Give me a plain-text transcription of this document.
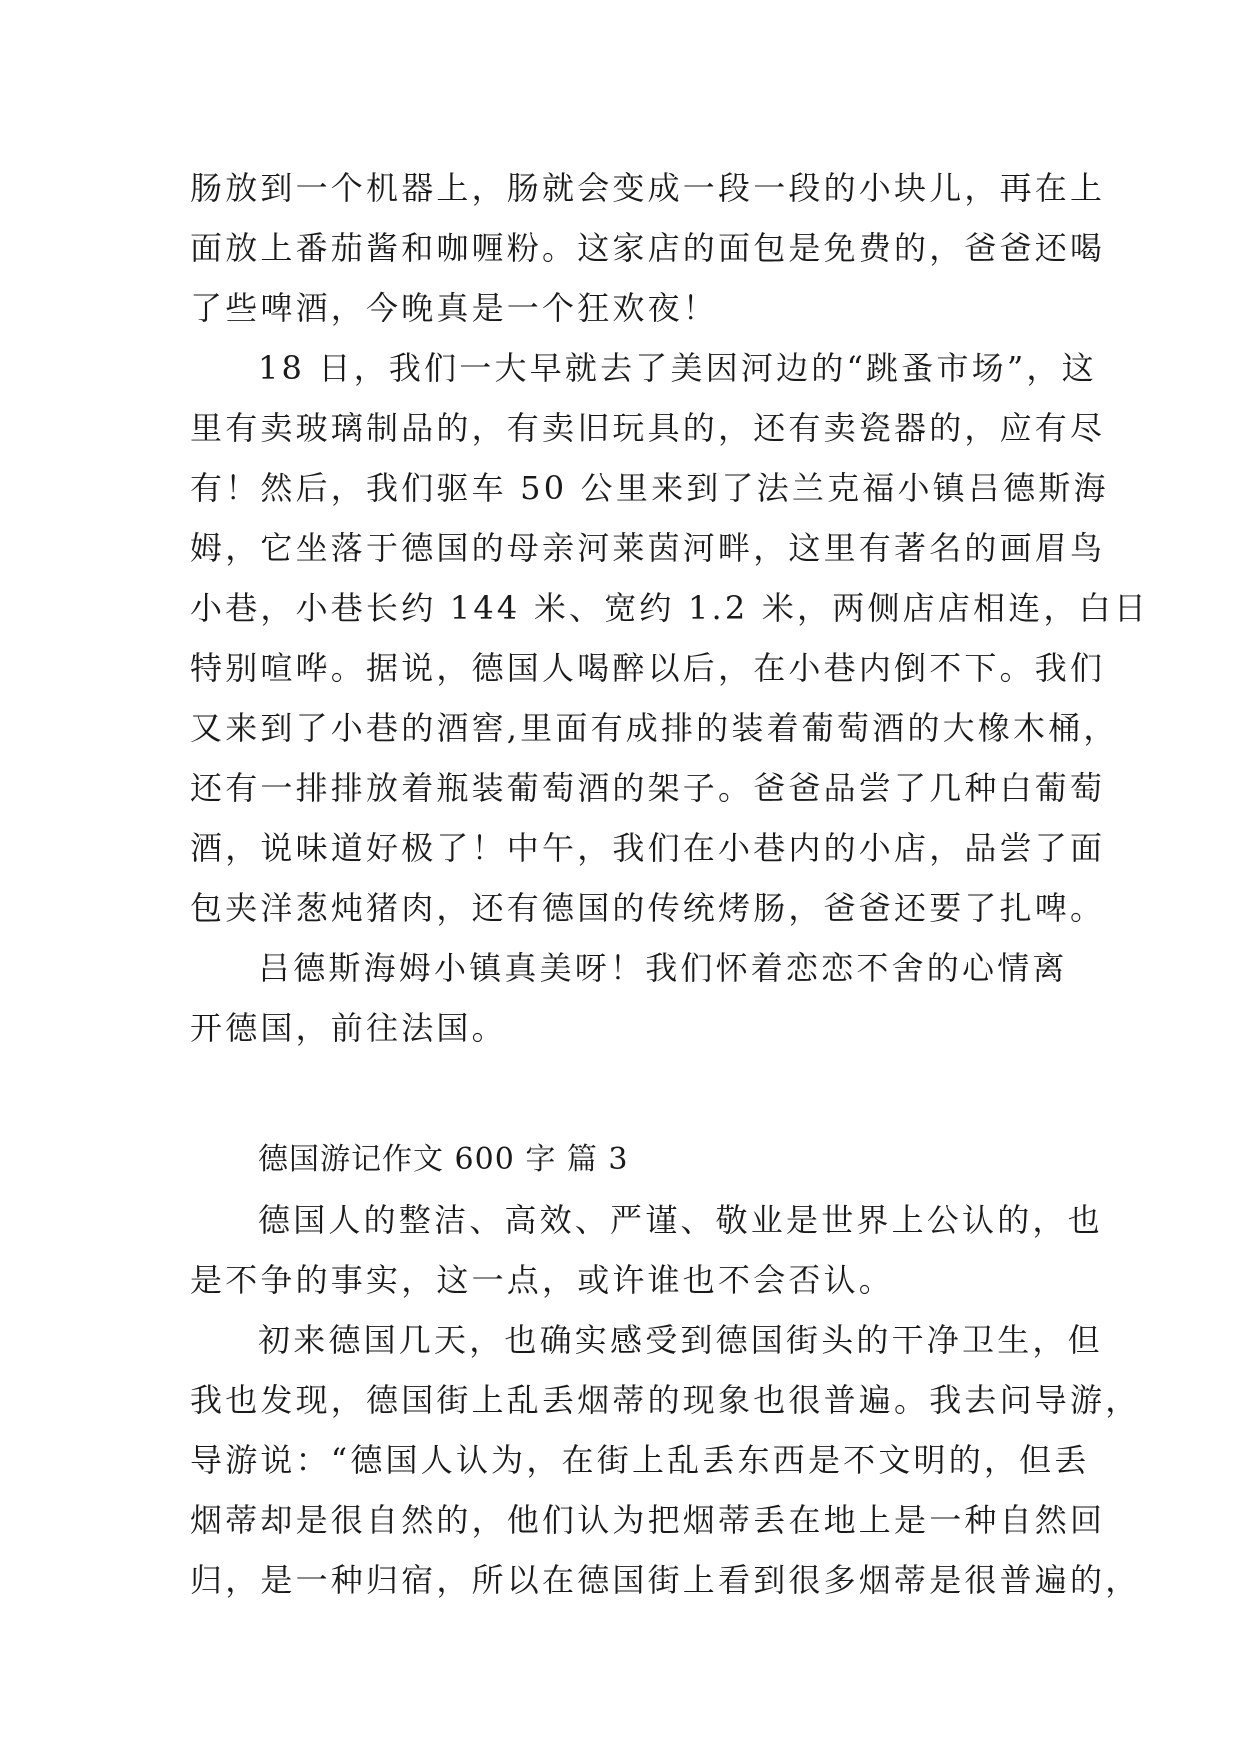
肠放到一个机器上，肠就会变成一段一段的小块儿，再在上
面放上番茄酱和咖喱粉。这家店的面包是免费的，爸爸还喝
了些啤酒，今晚真是一个狂欢夜！
18 日，我们一大早就去了美因河边的“跳蚤市场”，这
里有卖玻璃制品的，有卖旧玩具的，还有卖瓷器的，应有尽
有！然后，我们驱车 50 公里来到了法兰克福小镇吕德斯海
姆，它坐落于德国的母亲河莱茵河畔，这里有著名的画眉鸟
小巷，小巷长约 144 米、宽约 1.2 米，两侧店店相连，白日
特别喧哗。据说，德国人喝醉以后，在小巷内倒不下。我们
又来到了小巷的酒窖,里面有成排的装着葡萄酒的大橡木桶，
还有一排排放着瓶装葡萄酒的架子。爸爸品尝了几种白葡萄
酒，说味道好极了！中午，我们在小巷内的小店，品尝了面
包夹洋葱炖猪肉，还有德国的传统烤肠，爸爸还要了扎啤。
吕德斯海姆小镇真美呀！我们怀着恋恋不舍的心情离
开德国，前往法国。
德国游记作文 600 字 篇 3
德国人的整洁、高效、严谨、敬业是世界上公认的，也
是不争的事实，这一点，或许谁也不会否认。
初来德国几天，也确实感受到德国街头的干净卫生，但
我也发现，德国街上乱丢烟蒂的现象也很普遍。我去问导游，
导游说：“德国人认为，在街上乱丢东西是不文明的，但丢
烟蒂却是很自然的，他们认为把烟蒂丢在地上是一种自然回
归，是一种归宿，所以在德国街上看到很多烟蒂是很普遍的，
